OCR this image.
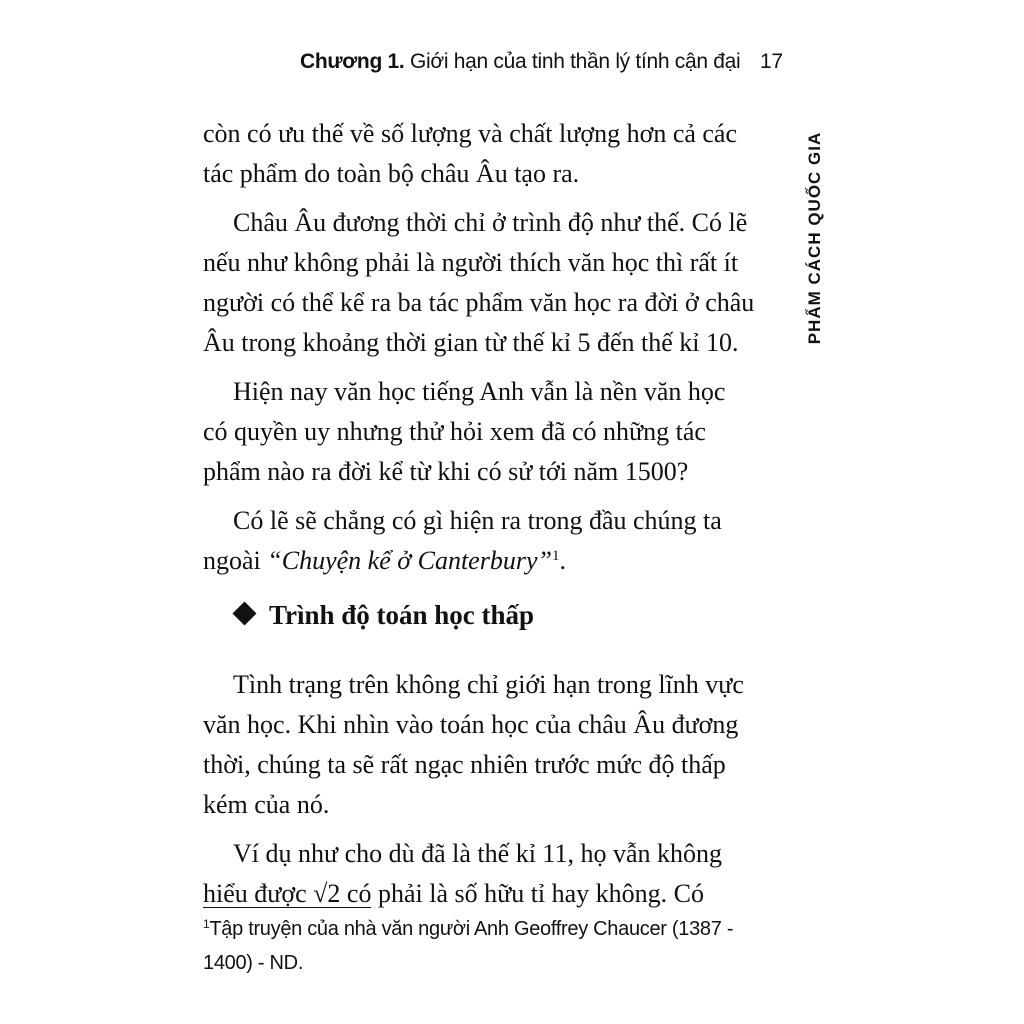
Chương 1. Giới hạn của tinh thần lý tính cận đại 17
PHẨM CÁCH QUỐC GIA
còn có ưu thế về số lượng và chất lượng hơn cả các
tác phẩm do toàn bộ châu Âu tạo ra.
Châu Âu đương thời chỉ ở trình độ như thế. Có lẽ
nếu như không phải là người thích văn học thì rất ít
người có thể kể ra ba tác phẩm văn học ra đời ở châu
Âu trong khoảng thời gian từ thế kỉ 5 đến thế kỉ 10.
Hiện nay văn học tiếng Anh vẫn là nền văn học
có quyền uy nhưng thử hỏi xem đã có những tác
phẩm nào ra đời kể từ khi có sử tới năm 1500?
Có lẽ sẽ chẳng có gì hiện ra trong đầu chúng ta
ngoài “Chuyện kể ở Canterbury”$^1$.
Trình độ toán học thấp
Tình trạng trên không chỉ giới hạn trong lĩnh vực
văn học. Khi nhìn vào toán học của châu Âu đương
thời, chúng ta sẽ rất ngạc nhiên trước mức độ thấp
kém của nó.
Ví dụ như cho dù đã là thế kỉ 11, họ vẫn không
hiểu được √2 có phải là số hữu tỉ hay không. Có
$^1$Tập truyện của nhà văn người Anh Geoffrey Chaucer (1387 -
1400) - ND.
